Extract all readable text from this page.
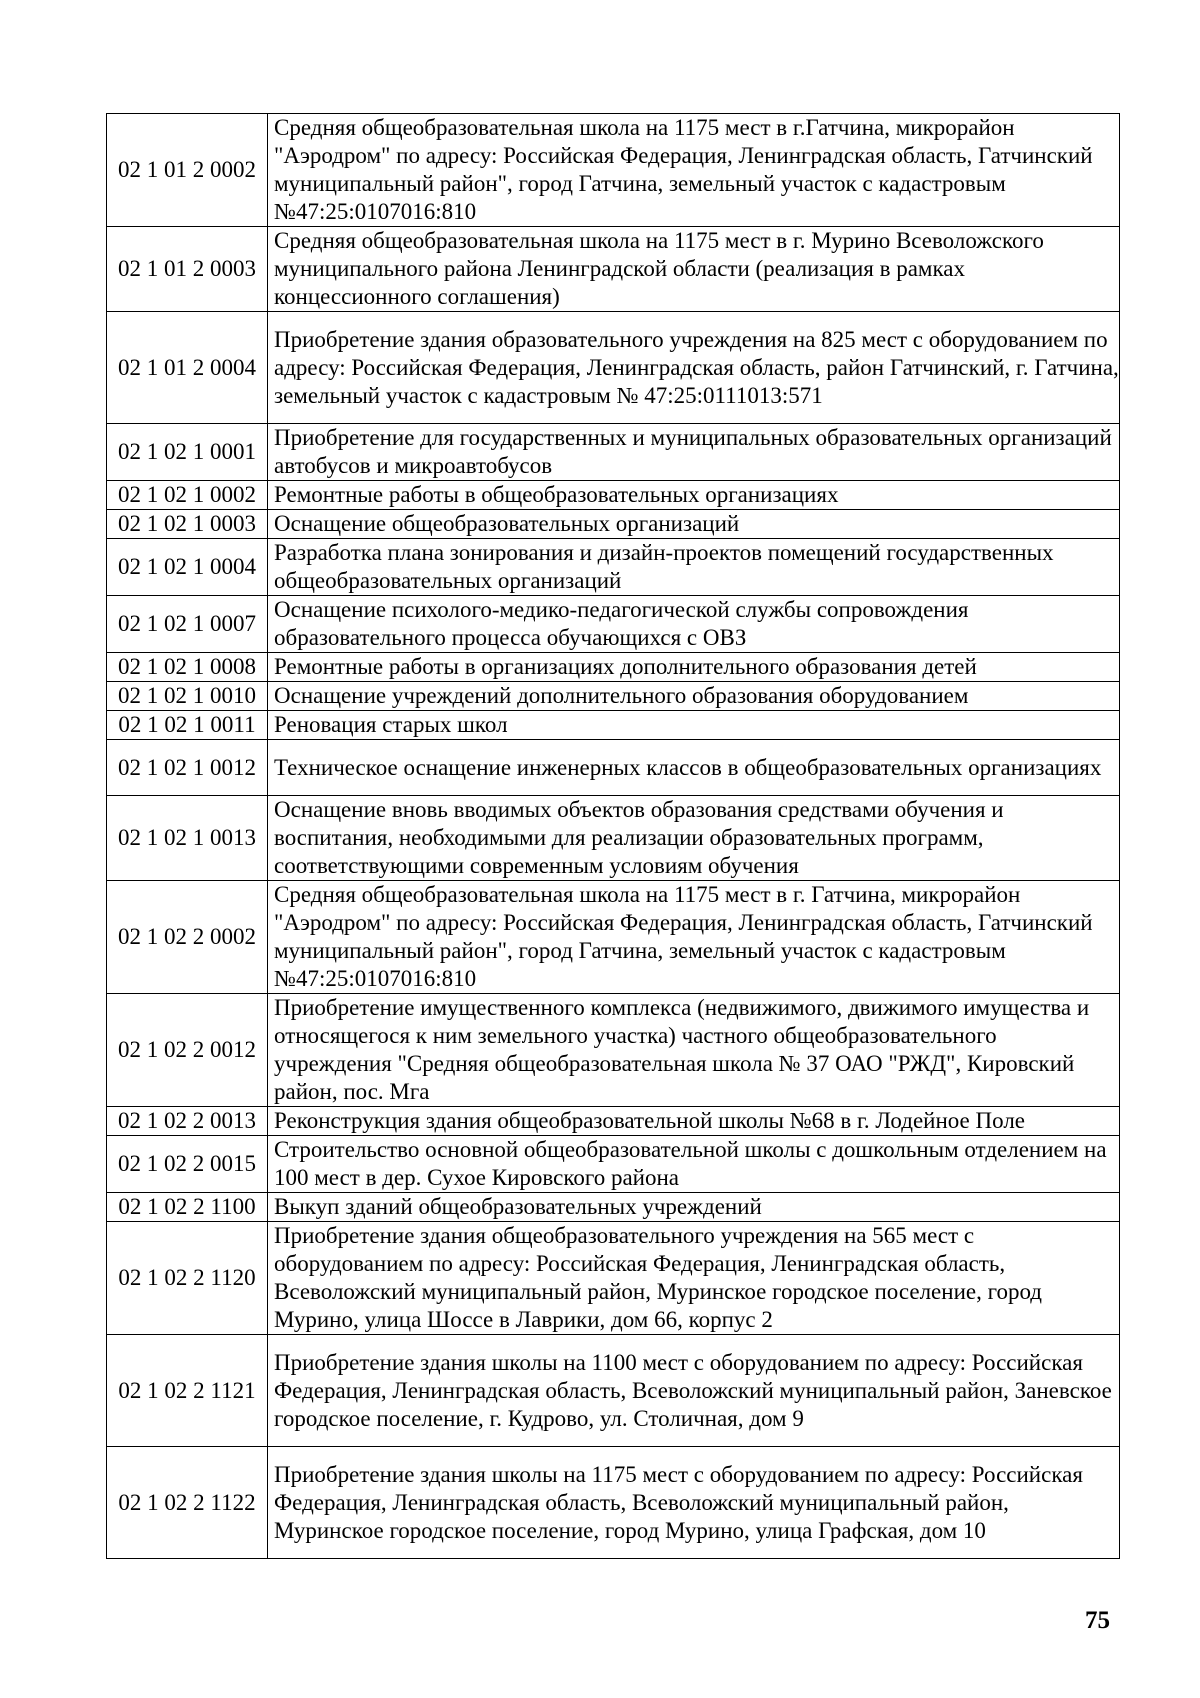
02 1 01 2 0002	Средняя общеобразовательная школа на 1175 мест в г.Гатчина, микрорайон "Аэродром" по адресу: Российская Федерация, Ленинградская область, Гатчинский муниципальный район", город Гатчина, земельный участок с кадастровым №47:25:0107016:810
02 1 01 2 0003	Средняя общеобразовательная школа на 1175 мест в г. Мурино Всеволожского муниципального района Ленинградской области (реализация в рамках концессионного соглашения)
02 1 01 2 0004	Приобретение здания образовательного учреждения на 825 мест с оборудованием по адресу: Российская Федерация, Ленинградская область, район Гатчинский, г. Гатчина, земельный участок с кадастровым № 47:25:0111013:571
02 1 02 1 0001	Приобретение для государственных и муниципальных образовательных организаций автобусов и микроавтобусов
02 1 02 1 0002	Ремонтные работы в общеобразовательных организациях
02 1 02 1 0003	Оснащение общеобразовательных организаций
02 1 02 1 0004	Разработка плана зонирования и дизайн-проектов помещений государственных общеобразовательных организаций
02 1 02 1 0007	Оснащение психолого-медико-педагогической службы сопровождения образовательного процесса обучающихся с ОВЗ
02 1 02 1 0008	Ремонтные работы в организациях дополнительного образования детей
02 1 02 1 0010	Оснащение учреждений дополнительного образования оборудованием
02 1 02 1 0011	Реновация старых школ
02 1 02 1 0012	Техническое оснащение инженерных классов в общеобразовательных организациях
02 1 02 1 0013	Оснащение вновь вводимых объектов образования средствами обучения и воспитания, необходимыми для реализации образовательных программ, соответствующими современным условиям обучения
02 1 02 2 0002	Средняя общеобразовательная школа на 1175 мест в г. Гатчина, микрорайон "Аэродром" по адресу: Российская Федерация, Ленинградская область, Гатчинский муниципальный район", город Гатчина, земельный участок с кадастровым №47:25:0107016:810
02 1 02 2 0012	Приобретение имущественного комплекса (недвижимого, движимого имущества и относящегося к ним земельного участка) частного общеобразовательного учреждения "Средняя общеобразовательная школа № 37 ОАО "РЖД", Кировский район, пос. Мга
02 1 02 2 0013	Реконструкция здания общеобразовательной школы №68 в г. Лодейное Поле
02 1 02 2 0015	Строительство основной общеобразовательной школы с дошкольным отделением на 100 мест в дер. Сухое Кировского района
02 1 02 2 1100	Выкуп зданий общеобразовательных учреждений
02 1 02 2 1120	Приобретение здания общеобразовательного учреждения на 565 мест с оборудованием по адресу: Российская Федерация, Ленинградская область, Всеволожский муниципальный район, Муринское городское поселение, город Мурино, улица Шоссе в Лаврики, дом 66, корпус 2
02 1 02 2 1121	Приобретение здания школы на 1100 мест с оборудованием по адресу: Российская Федерация, Ленинградская область, Всеволожский муниципальный район, Заневское городское поселение, г. Кудрово, ул. Столичная, дом 9
02 1 02 2 1122	Приобретение здания школы на 1175 мест с оборудованием по адресу: Российская Федерация, Ленинградская область, Всеволожский муниципальный район, Муринское городское поселение, город Мурино, улица Графская, дом 10
75
